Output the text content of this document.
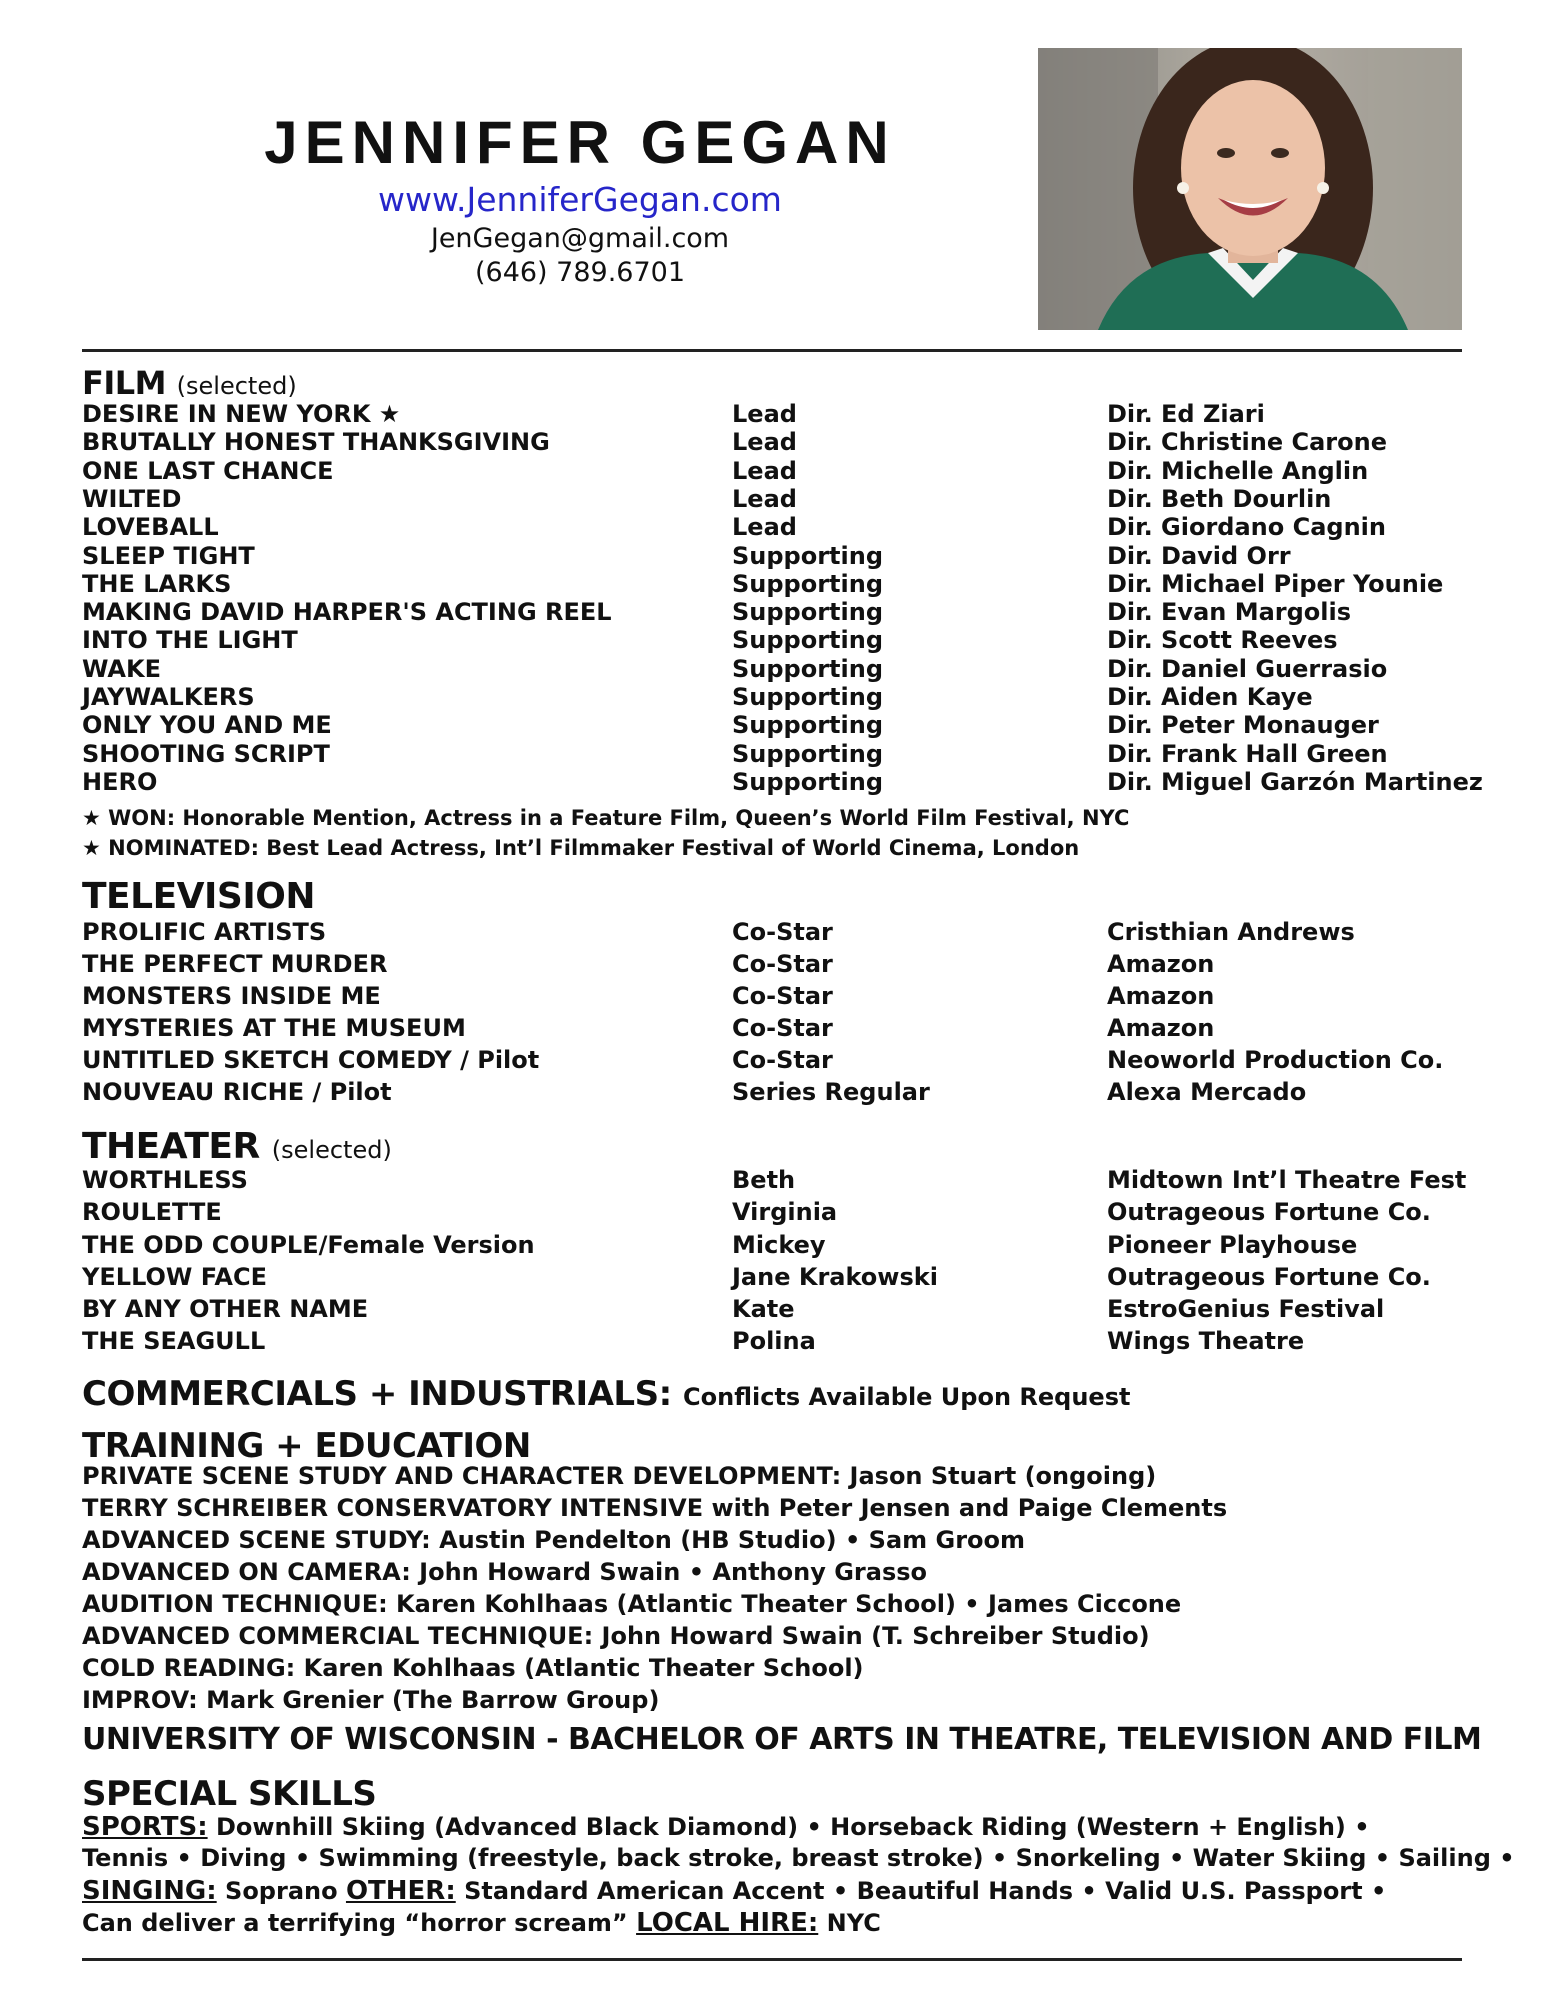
JENNIFER GEGAN
www.JenniferGegan.com
JenGegan@gmail.com
(646) 789.6701
FILM (selected)
DESIRE IN NEW YORK ★	Lead	Dir. Ed Ziari
BRUTALLY HONEST THANKSGIVING	Lead	Dir. Christine Carone
ONE LAST CHANCE	Lead	Dir. Michelle Anglin
WILTED	Lead	Dir. Beth Dourlin
LOVEBALL	Lead	Dir. Giordano Cagnin
SLEEP TIGHT	Supporting	Dir. David Orr
THE LARKS	Supporting	Dir. Michael Piper Younie
MAKING DAVID HARPER'S ACTING REEL	Supporting	Dir. Evan Margolis
INTO THE LIGHT	Supporting	Dir. Scott Reeves
WAKE	Supporting	Dir. Daniel Guerrasio
JAYWALKERS	Supporting	Dir. Aiden Kaye
ONLY YOU AND ME	Supporting	Dir. Peter Monauger
SHOOTING SCRIPT	Supporting	Dir. Frank Hall Green
HERO	Supporting	Dir. Miguel Garzón Martinez
★ WON: Honorable Mention, Actress in a Feature Film, Queen’s World Film Festival, NYC
★ NOMINATED: Best Lead Actress, Int’l Filmmaker Festival of World Cinema, London
TELEVISION
PROLIFIC ARTISTS	Co-Star	Cristhian Andrews
THE PERFECT MURDER	Co-Star	Amazon
MONSTERS INSIDE ME	Co-Star	Amazon
MYSTERIES AT THE MUSEUM	Co-Star	Amazon
UNTITLED SKETCH COMEDY / Pilot	Co-Star	Neoworld Production Co.
NOUVEAU RICHE / Pilot	Series Regular	Alexa Mercado
THEATER (selected)
WORTHLESS	Beth	Midtown Int’l Theatre Fest
ROULETTE	Virginia	Outrageous Fortune Co.
THE ODD COUPLE/Female Version	Mickey	Pioneer Playhouse
YELLOW FACE	Jane Krakowski	Outrageous Fortune Co.
BY ANY OTHER NAME	Kate	EstroGenius Festival
THE SEAGULL	Polina	Wings Theatre
COMMERCIALS + INDUSTRIALS: Conflicts Available Upon Request
TRAINING + EDUCATION
PRIVATE SCENE STUDY AND CHARACTER DEVELOPMENT: Jason Stuart (ongoing)
TERRY SCHREIBER CONSERVATORY INTENSIVE with Peter Jensen and Paige Clements
ADVANCED SCENE STUDY: Austin Pendelton (HB Studio) • Sam Groom
ADVANCED ON CAMERA: John Howard Swain • Anthony Grasso
AUDITION TECHNIQUE: Karen Kohlhaas (Atlantic Theater School) • James Ciccone
ADVANCED COMMERCIAL TECHNIQUE: John Howard Swain (T. Schreiber Studio)
COLD READING: Karen Kohlhaas (Atlantic Theater School)
IMPROV: Mark Grenier (The Barrow Group)
UNIVERSITY OF WISCONSIN - BACHELOR OF ARTS IN THEATRE, TELEVISION AND FILM
SPECIAL SKILLS
SPORTS: Downhill Skiing (Advanced Black Diamond) • Horseback Riding (Western + English) •
Tennis • Diving • Swimming (freestyle, back stroke, breast stroke) • Snorkeling • Water Skiing • Sailing •
SINGING: Soprano OTHER: Standard American Accent • Beautiful Hands • Valid U.S. Passport •
Can deliver a terrifying “horror scream” LOCAL HIRE: NYC
